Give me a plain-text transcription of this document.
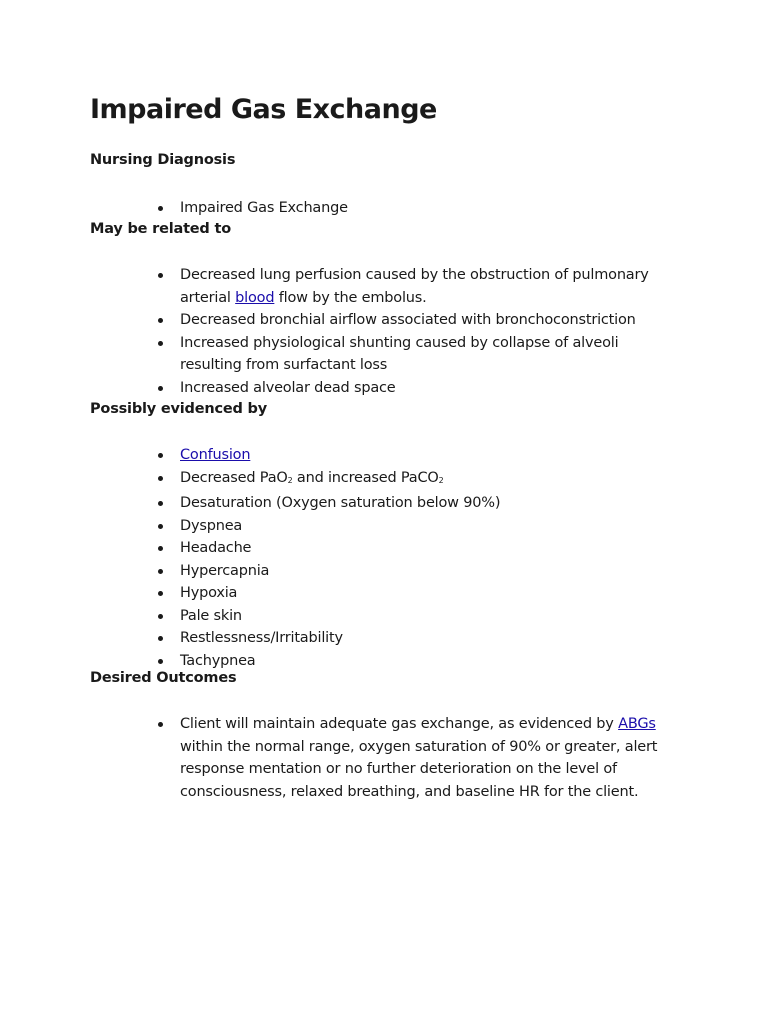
Impaired Gas Exchange
Nursing Diagnosis
Impaired Gas Exchange
May be related to
Decreased lung perfusion caused by the obstruction of pulmonary arterial blood flow by the embolus.
Decreased bronchial airflow associated with bronchoconstriction
Increased physiological shunting caused by collapse of alveoli resulting from surfactant loss
Increased alveolar dead space
Possibly evidenced by
Confusion
Decreased PaO$_2$ and increased PaCO$_2$
Desaturation (Oxygen saturation below 90%)
Dyspnea
Headache
Hypercapnia
Hypoxia
Pale skin
Restlessness/Irritability
Tachypnea
Desired Outcomes
Client will maintain adequate gas exchange, as evidenced by ABGs within the normal range, oxygen saturation of 90% or greater, alert response mentation or no further deterioration on the level of consciousness, relaxed breathing, and baseline HR for the client.
